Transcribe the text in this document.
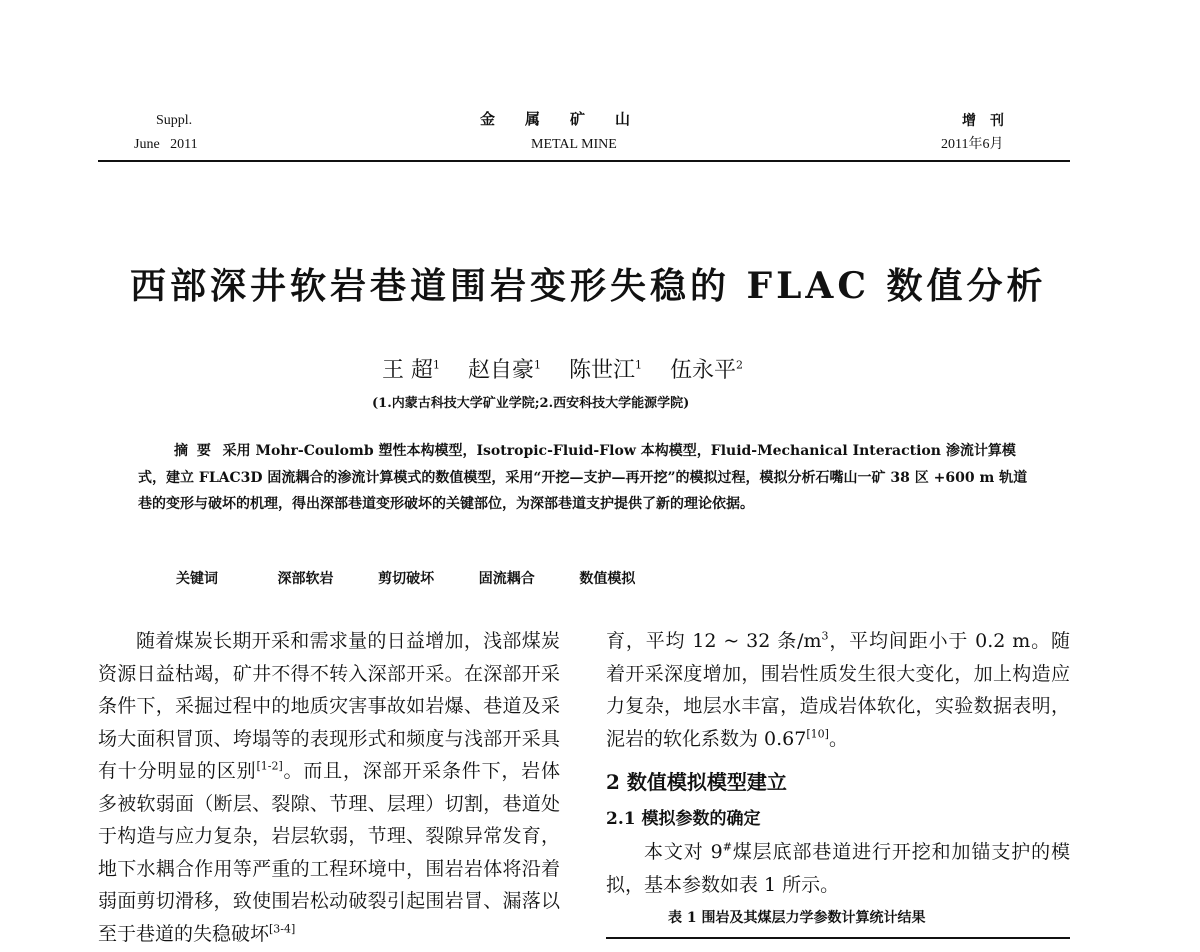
Suppl.
June   2011
金属矿山
METAL MINE
增刊
2011年6月
西部深井软岩巷道围岩变形失稳的 FLAC 数值分析
王 超$^1$ 赵自豪$^1$ 陈世江$^1$ 伍永平$^2$
(1.内蒙古科技大学矿业学院;2.西安科技大学能源学院)
摘 要 采用 Mohr-Coulomb 塑性本构模型，Isotropic-Fluid-Flow 本构模型，Fluid-Mechanical Interaction 渗流计算模式，建立 FLAC3D 固流耦合的渗流计算模式的数值模型，采用“开挖—支护—再开挖”的模拟过程，模拟分析石嘴山一矿 38 区 +600 m 轨道巷的变形与破坏的机理，得出深部巷道变形破坏的关键部位，为深部巷道支护提供了新的理论依据。
关键词	深部软岩	剪切破坏	固流耦合	数值模拟

随着煤炭长期开采和需求量的日益增加，浅部煤炭资源日益枯竭，矿井不得不转入深部开采。在深部开采条件下，采掘过程中的地质灾害事故如岩爆、巷道及采场大面积冒顶、垮塌等的表现形式和频度与浅部开采具有十分明显的区别[1-2]。而且，深部开采条件下，岩体多被软弱面（断层、裂隙、节理、层理）切割，巷道处于构造与应力复杂，岩层软弱，节理、裂隙异常发育，地下水耦合作用等严重的工程环境中，围岩岩体将沿着弱面剪切滑移，致使围岩松动破裂引起围岩冒、漏落以至于巷道的失稳破坏[3-4]

育，平均 12 ~ 32 条$/m^3$，平均间距小于 0.2 m。随着开采深度增加，围岩性质发生很大变化，加上构造应力复杂，地层水丰富，造成岩体软化，实验数据表明，泥岩的软化系数为 0.67[10]。

2 数值模拟模型建立
2.1 模拟参数的确定

本文对 9#煤层底部巷道进行开挖和加锚支护的模拟，基本参数如表 1 所示。

表 1 围岩及其煤层力学参数计算统计结果
